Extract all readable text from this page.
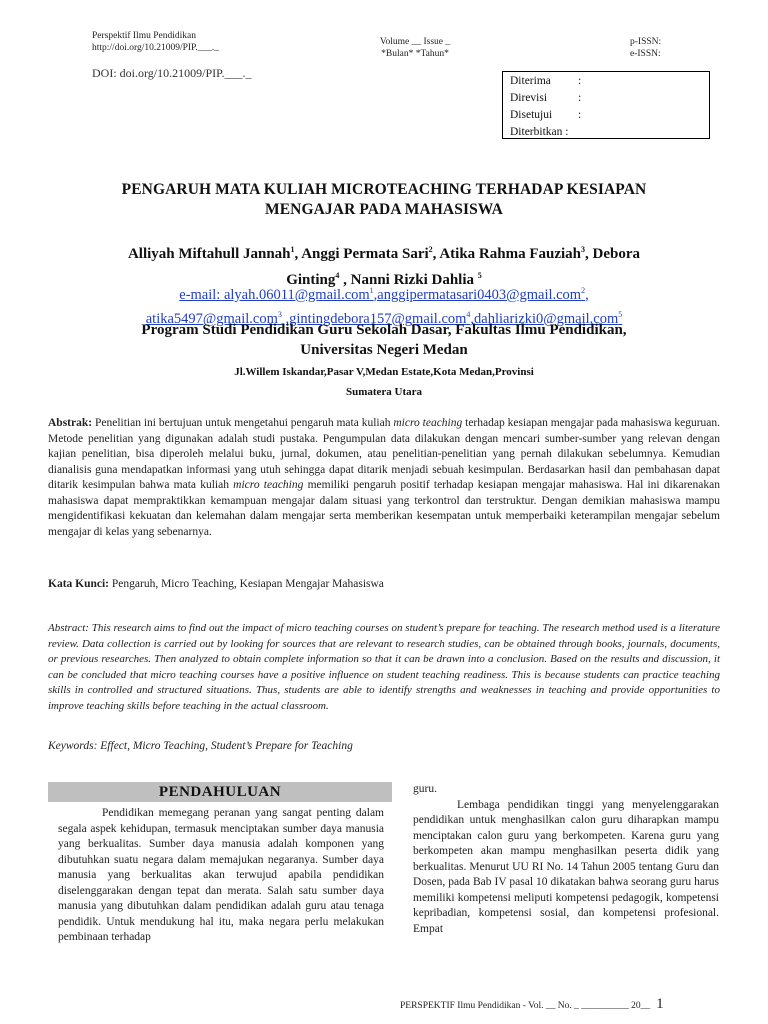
Perspektif Ilmu Pendidikan
http://doi.org/10.21009/PIP.___._
Volume __ Issue _
*Bulan* *Tahun*
p-ISSN:
e-ISSN:
DOI: doi.org/10.21009/PIP.___._
Diterima	:
Direvisi	:
Disetujui	:
Diterbitkan :
PENGARUH MATA KULIAH MICROTEACHING TERHADAP KESIAPAN
MENGAJAR PADA MAHASISWA
Alliyah Miftahull Jannah$^1$, Anggi Permata Sari$^2$, Atika Rahma Fauziah$^3$, Debora
Ginting$^4$ , Nanni Rizki Dahlia $^5$
e-mail: alyah.06011@gmail.com$^1$,anggipermatasari0403@gmail.com$^2$,
atika5497@gmail.com$^3$ ,gintingdebora157@gmail.com$^4$,dahliarizki0@gmail.com$^5$
Program Studi Pendidikan Guru Sekolah Dasar, Fakultas Ilmu Pendidikan,
Universitas Negeri Medan
Jl.Willem Iskandar,Pasar V,Medan Estate,Kota Medan,Provinsi
Sumatera Utara
Abstrak: Penelitian ini bertujuan untuk mengetahui pengaruh mata kuliah micro teaching terhadap kesiapan mengajar pada mahasiswa keguruan. Metode penelitian yang digunakan adalah studi pustaka. Pengumpulan data dilakukan dengan mencari sumber-sumber yang relevan dengan kajian penelitian, bisa diperoleh melalui buku, jurnal, dokumen, atau penelitian-penelitian yang pernah dilakukan sebelumnya. Kemudian dianalisis guna mendapatkan informasi yang utuh sehingga dapat ditarik menjadi sebuah kesimpulan. Berdasarkan hasil dan pembahasan dapat ditarik kesimpulan bahwa mata kuliah micro teaching memiliki pengaruh positif terhadap kesiapan mengajar mahasiswa. Hal ini dikarenakan mahasiswa dapat mempraktikkan kemampuan mengajar dalam situasi yang terkontrol dan terstruktur. Dengan demikian mahasiswa mampu mengidentifikasi kekuatan dan kelemahan dalam mengajar serta memberikan kesempatan untuk memperbaiki keterampilan mengajar sebelum mengajar di kelas yang sebenarnya.
Kata Kunci: Pengaruh, Micro Teaching, Kesiapan Mengajar Mahasiswa
Abstract: This research aims to find out the impact of micro teaching courses on student’s prepare for teaching. The research method used is a literature review. Data collection is carried out by looking for sources that are relevant to research studies, can be obtained through books, journals, documents, or previous researches. Then analyzed to obtain complete information so that it can be drawn into a conclusion. Based on the results and discussion, it can be concluded that micro teaching courses have a positive influence on student teaching readiness. This is because students can practice teaching skills in controlled and structured situations. Thus, students are able to identify strengths and weaknesses in teaching and provide opportunities to improve teaching skills before teaching in the actual classroom.
Keywords: Effect, Micro Teaching, Student’s Prepare for Teaching
PENDAHULUAN
Pendidikan memegang peranan yang sangat penting dalam segala aspek kehidupan, termasuk menciptakan sumber daya manusia yang berkualitas. Sumber daya manusia adalah komponen yang dibutuhkan suatu negara dalam memajukan negaranya. Sumber daya manusia yang berkualitas akan terwujud apabila pendidikan diselenggarakan dengan tepat dan merata. Salah satu sumber daya manusia yang dibutuhkan dalam pendidikan adalah guru atau tenaga pendidik. Untuk mendukung hal itu, maka negara perlu melakukan pembinaan terhadap
guru.
Lembaga pendidikan tinggi yang menyelenggarakan pendidikan untuk menghasilkan calon guru diharapkan mampu menciptakan calon guru yang berkompeten. Karena guru yang berkompeten akan mampu menghasilkan peserta didik yang berkualitas. Menurut UU RI No. 14 Tahun 2005 tentang Guru dan Dosen, pada Bab IV pasal 10 dikatakan bahwa seorang guru harus memiliki kompetensi meliputi kompetensi pedagogik, kompetensi kepribadian, kompetensi sosial, dan kompetensi profesional. Empat
PERSPEKTIF Ilmu Pendidikan - Vol. __ No. _ __________ 20__ 1
